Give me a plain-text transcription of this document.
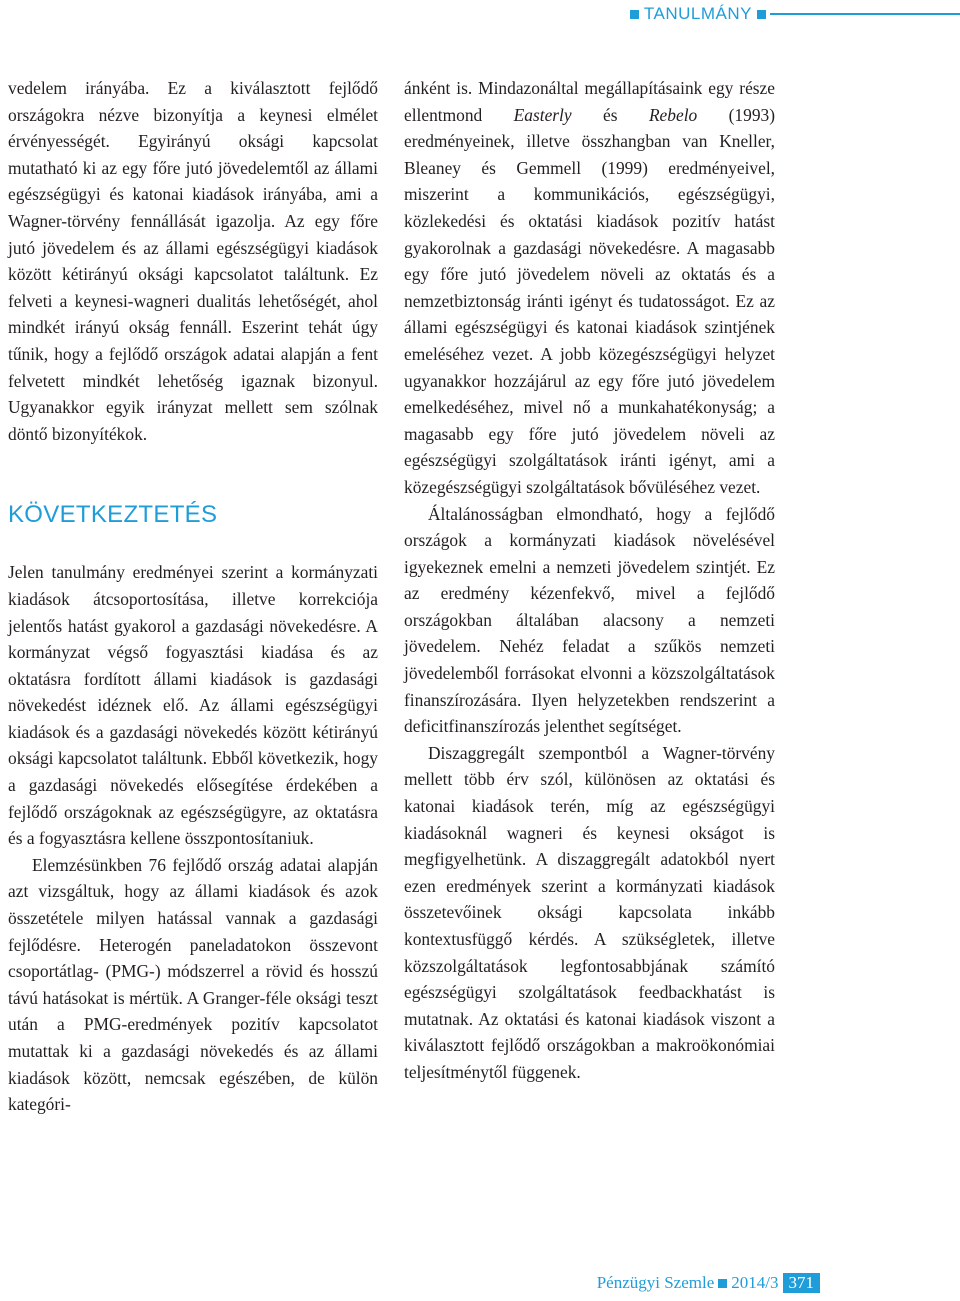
TANULMÁNY

vedelem irányába. Ez a kiválasztott fejlődő országokra nézve bizonyítja a keynesi elmélet érvényességét. Egyirányú oksági kapcsolat mutatható ki az egy főre jutó jövedelemtől az állami egészségügyi és katonai kiadások irányába, ami a Wagner-törvény fennállását igazolja. Az egy főre jutó jövedelem és az állami egészségügyi kiadások között kétirányú oksági kapcsolatot találtunk. Ez felveti a keynesi-wagneri dualitás lehetőségét, ahol mindkét irányú okság fennáll. Eszerint tehát úgy tűnik, hogy a fejlődő országok adatai alapján a fent felvetett mindkét lehetőség igaznak bizonyul. Ugyanakkor egyik irányzat mellett sem szólnak döntő bizonyítékok.

KÖVETKEZTETÉS

Jelen tanulmány eredményei szerint a kormányzati kiadások átcsoportosítása, illetve korrekciója jelentős hatást gyakorol a gazdasági növekedésre. A kormányzat végső fogyasztási kiadása és az oktatásra fordított állami kiadások is gazdasági növekedést idéznek elő. Az állami egészségügyi kiadások és a gazdasági növekedés között kétirányú oksági kapcsolatot találtunk. Ebből következik, hogy a gazdasági növekedés elősegítése érdekében a fejlődő országoknak az egészségügyre, az oktatásra és a fogyasztásra kellene összpontosítaniuk.

Elemzésünkben 76 fejlődő ország adatai alapján azt vizsgáltuk, hogy az állami kiadások és azok összetétele milyen hatással vannak a gazdasági fejlődésre. Heterogén paneladatokon összevont csoportátlag- (PMG-) módszerrel a rövid és hosszú távú hatásokat is mértük. A Granger-féle oksági teszt után a PMG-eredmények pozitív kapcsolatot mutattak ki a gazdasági növekedés és az állami kiadások között, nemcsak egészében, de külön kategóri-

ánként is. Mindazonáltal megállapításaink egy része ellentmond Easterly és Rebelo (1993) eredményeinek, illetve összhangban van Kneller, Bleaney és Gemmell (1999) eredményeivel, miszerint a kommunikációs, egészségügyi, közlekedési és oktatási kiadások pozitív hatást gyakorolnak a gazdasági növekedésre. A magasabb egy főre jutó jövedelem növeli az oktatás és a nemzetbiztonság iránti igényt és tudatosságot. Ez az állami egészségügyi és katonai kiadások szintjének emeléséhez vezet. A jobb közegészségügyi helyzet ugyanakkor hozzájárul az egy főre jutó jövedelem emelkedéséhez, mivel nő a munkahatékonyság; a magasabb egy főre jutó jövedelem növeli az egészségügyi szolgáltatások iránti igényt, ami a közegészségügyi szolgáltatások bővüléséhez vezet.

Általánosságban elmondható, hogy a fejlődő országok a kormányzati kiadások növelésével igyekeznek emelni a nemzeti jövedelem szintjét. Ez az eredmény kézenfekvő, mivel a fejlődő országokban általában alacsony a nemzeti jövedelem. Nehéz feladat a szűkös nemzeti jövedelemből forrásokat elvonni a közszolgáltatások finanszírozására. Ilyen helyzetekben rendszerint a deficitfinanszírozás jelenthet segítséget.

Diszaggregált szempontból a Wagner-törvény mellett több érv szól, különösen az oktatási és katonai kiadások terén, míg az egészségügyi kiadásoknál wagneri és keynesi okságot is megfigyelhetünk. A diszaggregált adatokból nyert ezen eredmények szerint a kormányzati kiadások összetevőinek oksági kapcsolata inkább kontextusfüggő kérdés. A szükségletek, illetve közszolgáltatások legfontosabbjának számító egészségügyi szolgáltatások feedbackhatást is mutatnak. Az oktatási és katonai kiadások viszont a kiválasztott fejlődő országokban a makroökonómiai teljesítménytől függenek.

Pénzügyi Szemle 2014/3 371
